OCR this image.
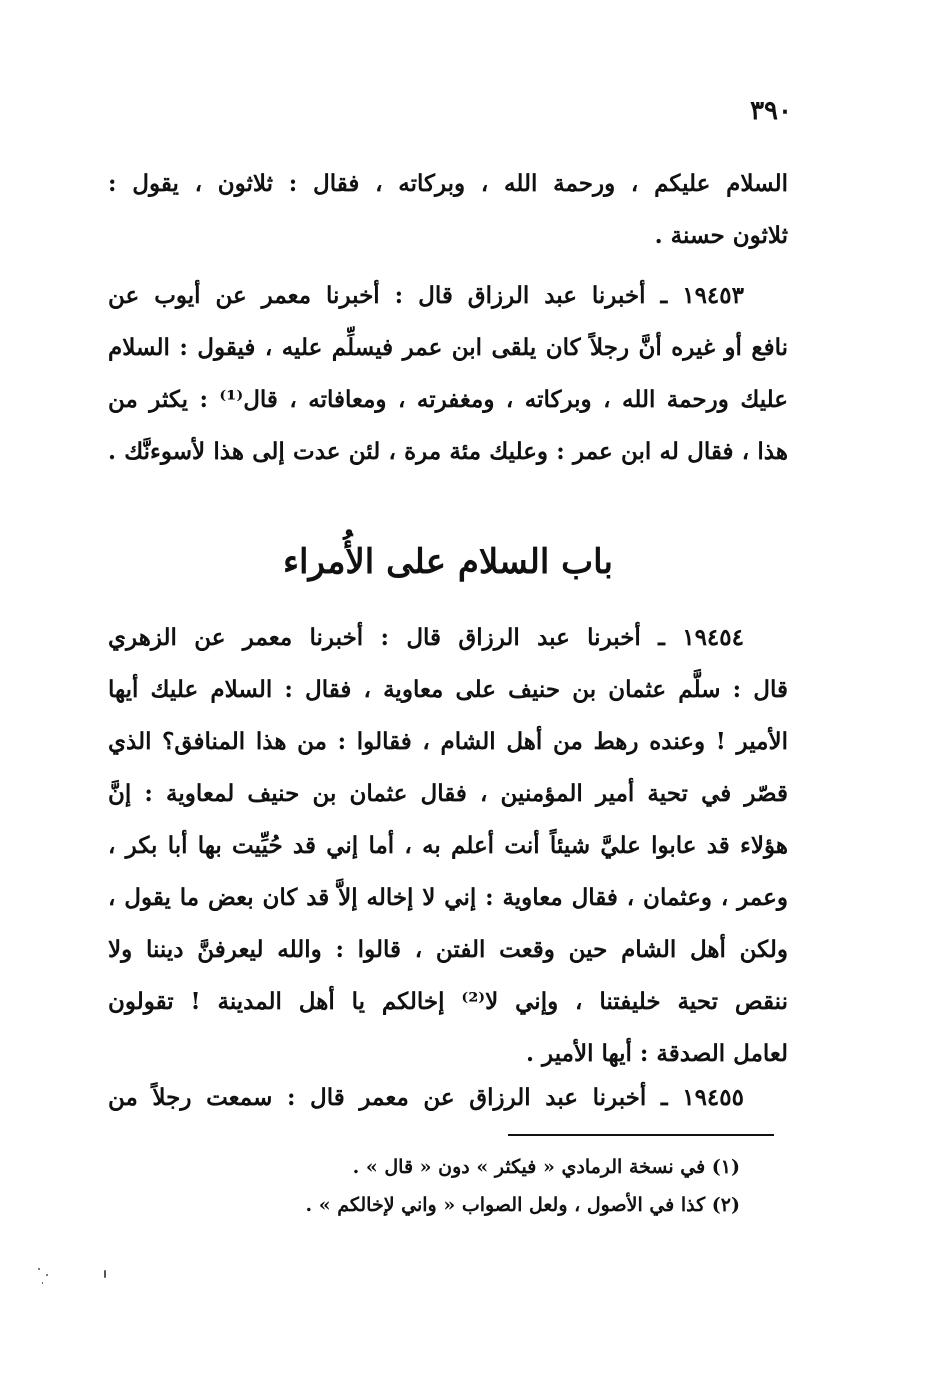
٣٩٠
السلام عليكم ، ورحمة الله ، وبركاته ، فقال : ثلاثون ، يقول :
ثلاثون حسنة .
١٩٤٥٣ ـ أخبرنا عبد الرزاق قال : أخبرنا معمر عن أيوب عن
نافع أو غيره أنَّ رجلاً كان يلقى ابن عمر فيسلِّم عليه ، فيقول : السلام
عليك ورحمة الله ، وبركاته ، ومغفرته ، ومعافاته ، قال⁽¹⁾ : يكثر من
هذا ، فقال له ابن عمر : وعليك مئة مرة ، لئن عدت إلى هذا لأسوءنَّك .
باب السلام على الأُمراء
١٩٤٥٤ ـ أخبرنا عبد الرزاق قال : أخبرنا معمر عن الزهري
قال : سلَّم عثمان بن حنيف على معاوية ، فقال : السلام عليك أيها
الأمير ! وعنده رهط من أهل الشام ، فقالوا : من هذا المنافق؟ الذي
قصّر في تحية أمير المؤمنين ، فقال عثمان بن حنيف لمعاوية : إنَّ
هؤلاء قد عابوا عليَّ شيئاً أنت أعلم به ، أما إني قد حُيِّيت بها أبا بكر ،
وعمر ، وعثمان ، فقال معاوية : إني لا إخاله إلاَّ قد كان بعض ما يقول ،
ولكن أهل الشام حين وقعت الفتن ، قالوا : والله ليعرفنَّ ديننا ولا
ننقص تحية خليفتنا ، وإني لا⁽²⁾ إخالكم يا أهل المدينة ! تقولون
لعامل الصدقة : أيها الأمير .
١٩٤٥٥ ـ أخبرنا عبد الرزاق عن معمر قال : سمعت رجلاً من
(١) في نسخة الرمادي « فيكثر » دون « قال » .
(٢) كذا في الأصول ، ولعل الصواب « واني لإخالكم » .
